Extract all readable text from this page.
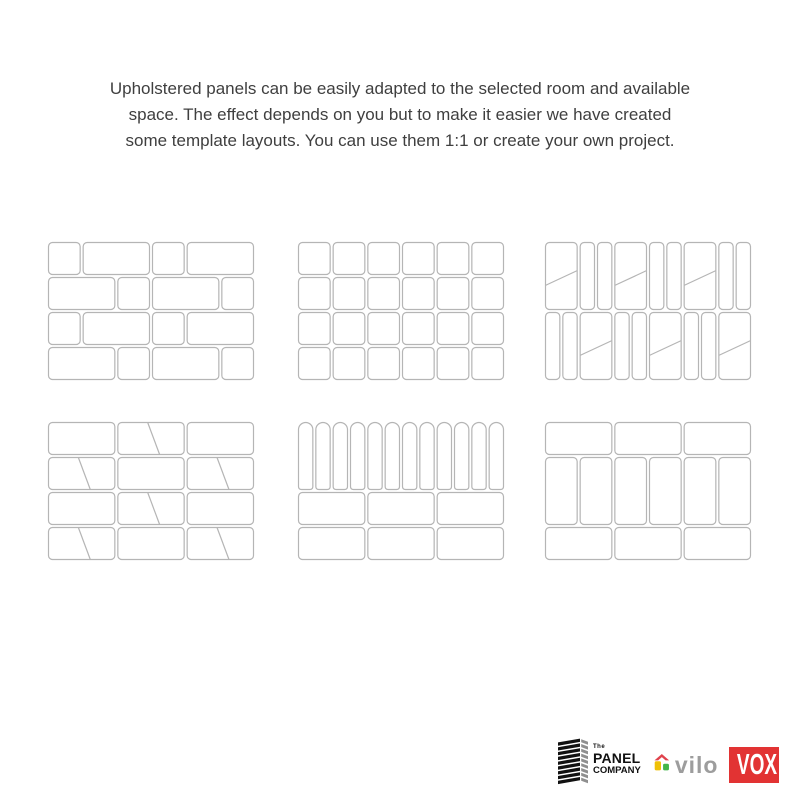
Upholstered panels can be easily adapted to the selected room and available
space. The effect depends on you but to make it easier we have created
some template layouts. You can use them 1:1 or create your own project.

The
PANEL
COMPANY vilo VOX
